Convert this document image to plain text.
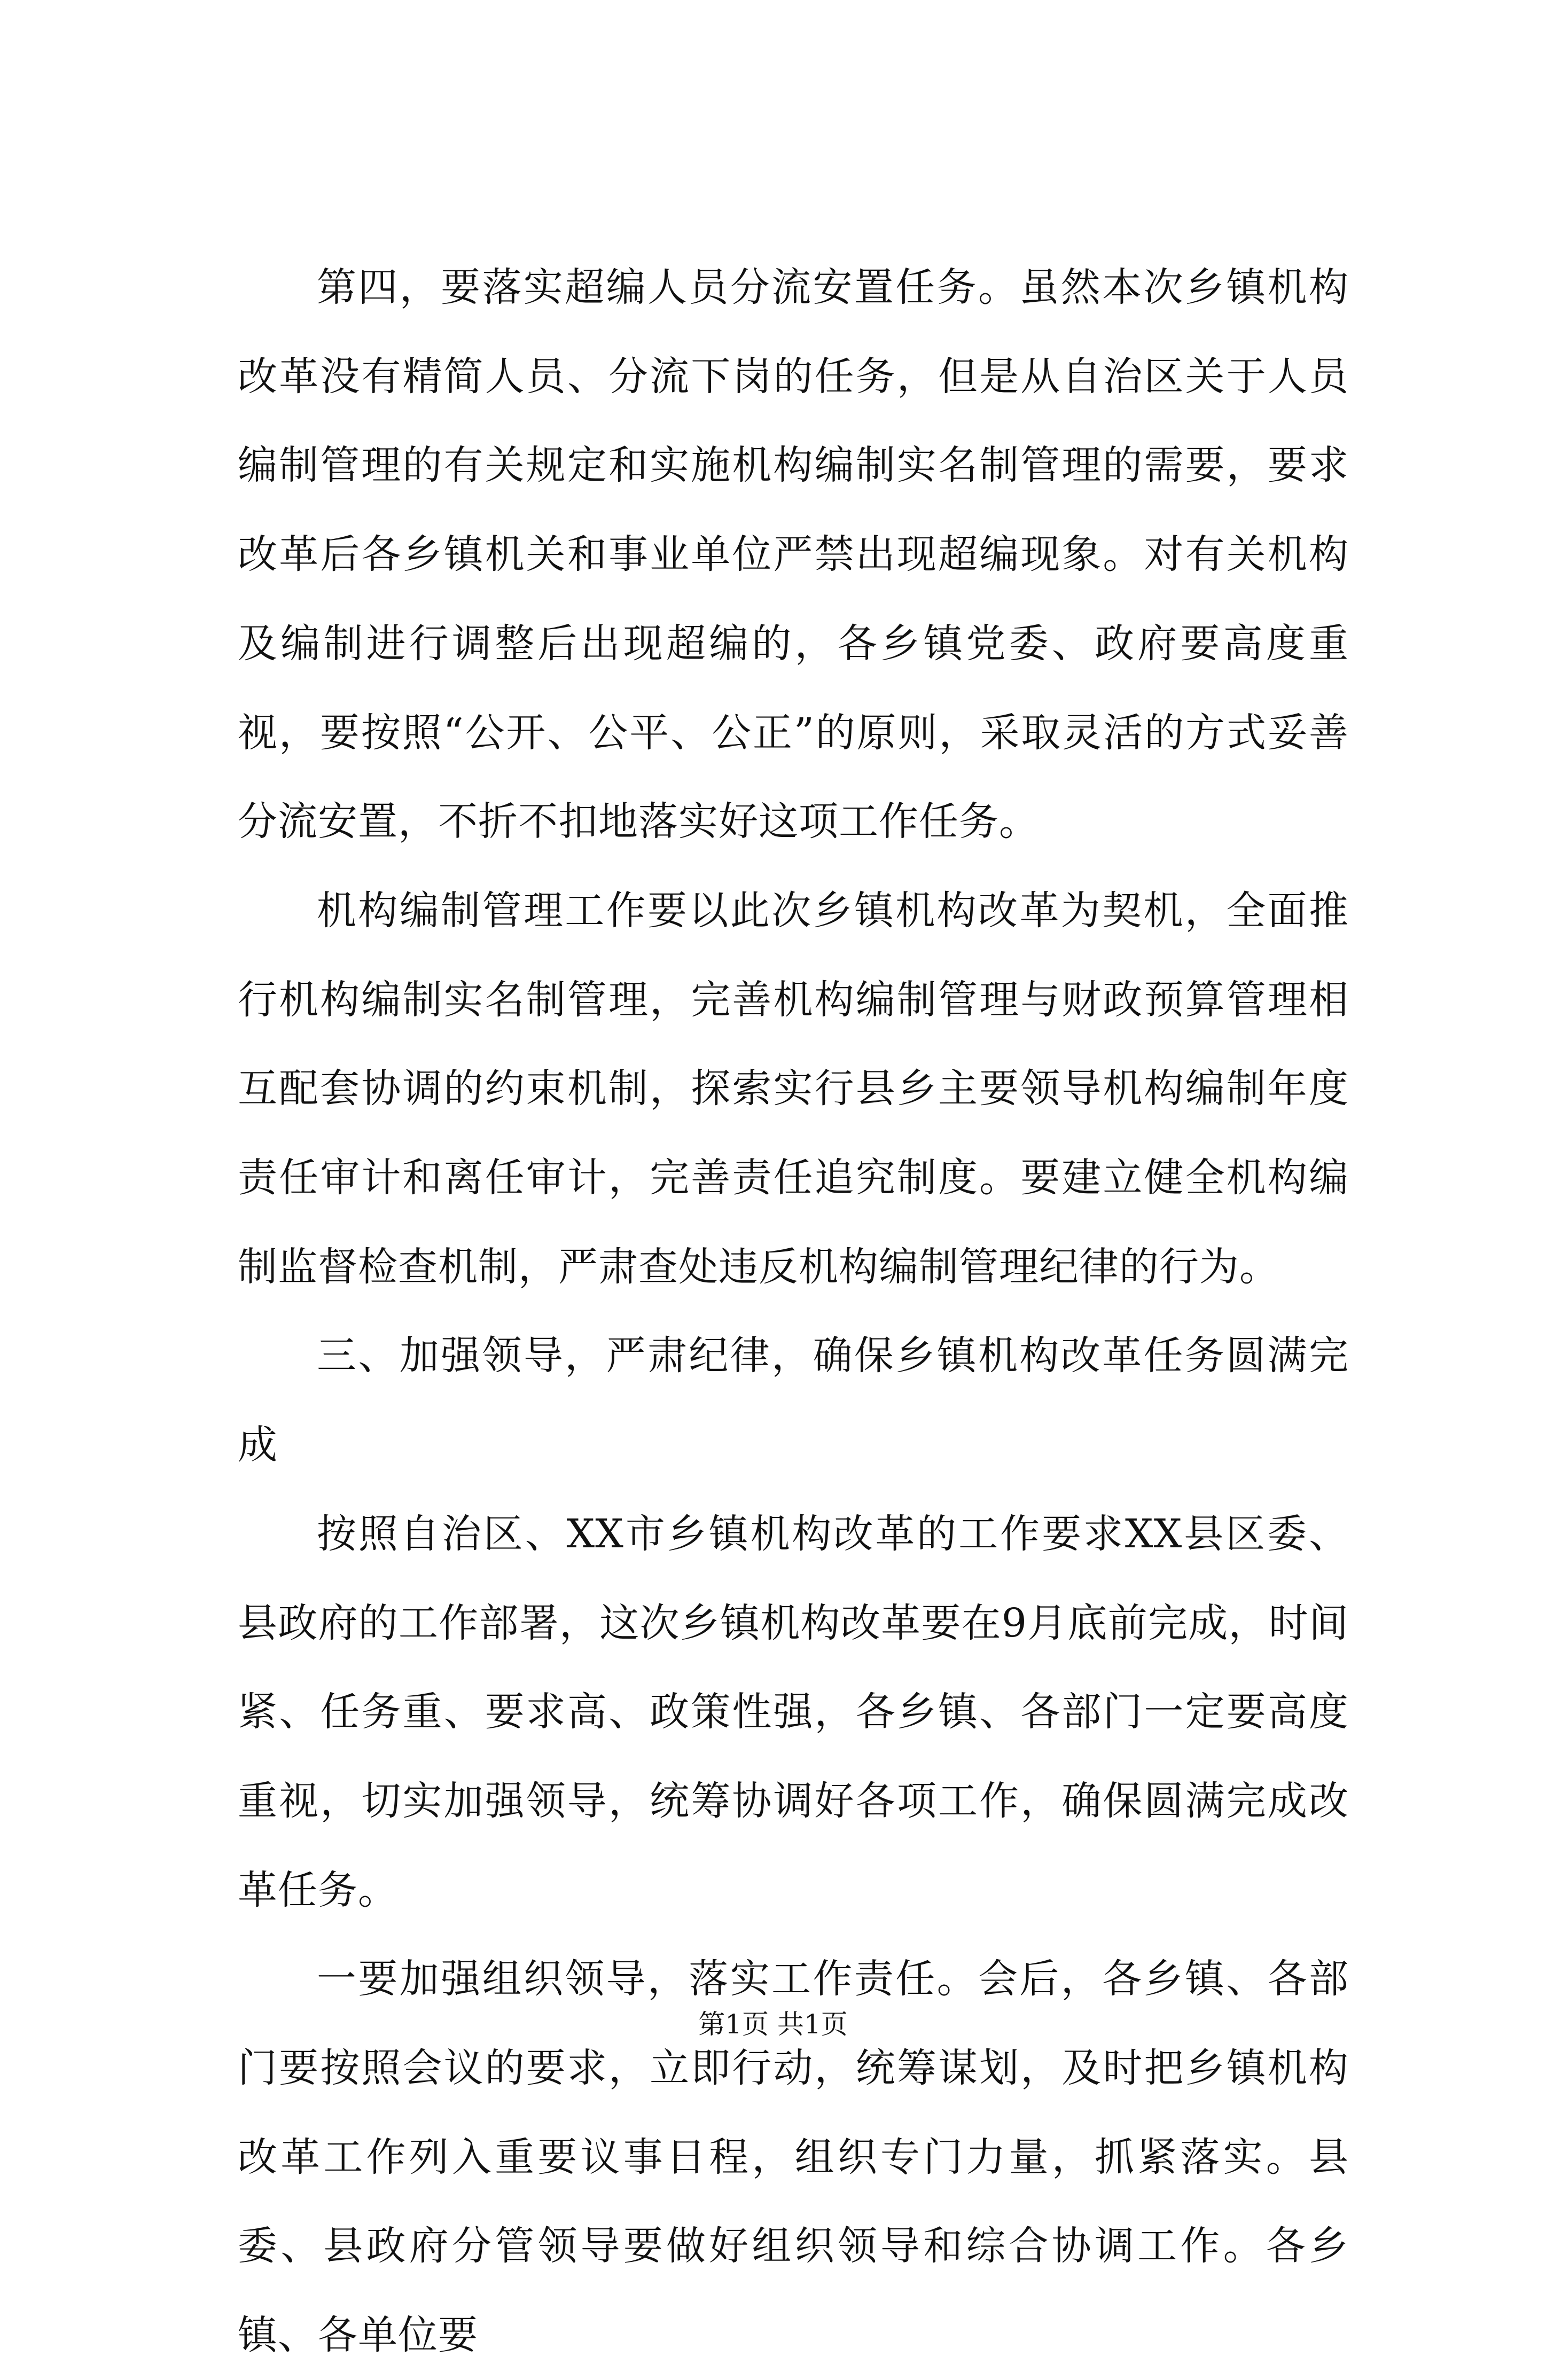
第四，要落实超编人员分流安置任务。虽然本次乡镇机构改革没有精简人员、分流下岗的任务，但是从自治区关于人员编制管理的有关规定和实施机构编制实名制管理的需要，要求改革后各乡镇机关和事业单位严禁出现超编现象。对有关机构及编制进行调整后出现超编的，各乡镇党委、政府要高度重视，要按照“公开、公平、公正”的原则，采取灵活的方式妥善分流安置，不折不扣地落实好这项工作任务。

机构编制管理工作要以此次乡镇机构改革为契机，全面推行机构编制实名制管理，完善机构编制管理与财政预算管理相互配套协调的约束机制，探索实行县乡主要领导机构编制年度责任审计和离任审计，完善责任追究制度。要建立健全机构编制监督检查机制，严肃查处违反机构编制管理纪律的行为。

三、加强领导，严肃纪律，确保乡镇机构改革任务圆满完成

按照自治区、XX市乡镇机构改革的工作要求XX县区委、县政府的工作部署，这次乡镇机构改革要在9月底前完成，时间紧、任务重、要求高、政策性强，各乡镇、各部门一定要高度重视，切实加强领导，统筹协调好各项工作，确保圆满完成改革任务。

一要加强组织领导，落实工作责任。会后，各乡镇、各部门要按照会议的要求，立即行动，统筹谋划，及时把乡镇机构改革工作列入重要议事日程，组织专门力量，抓紧落实。县委、县政府分管领导要做好组织领导和综合协调工作。各乡镇、各单位要

第1页 共1页
